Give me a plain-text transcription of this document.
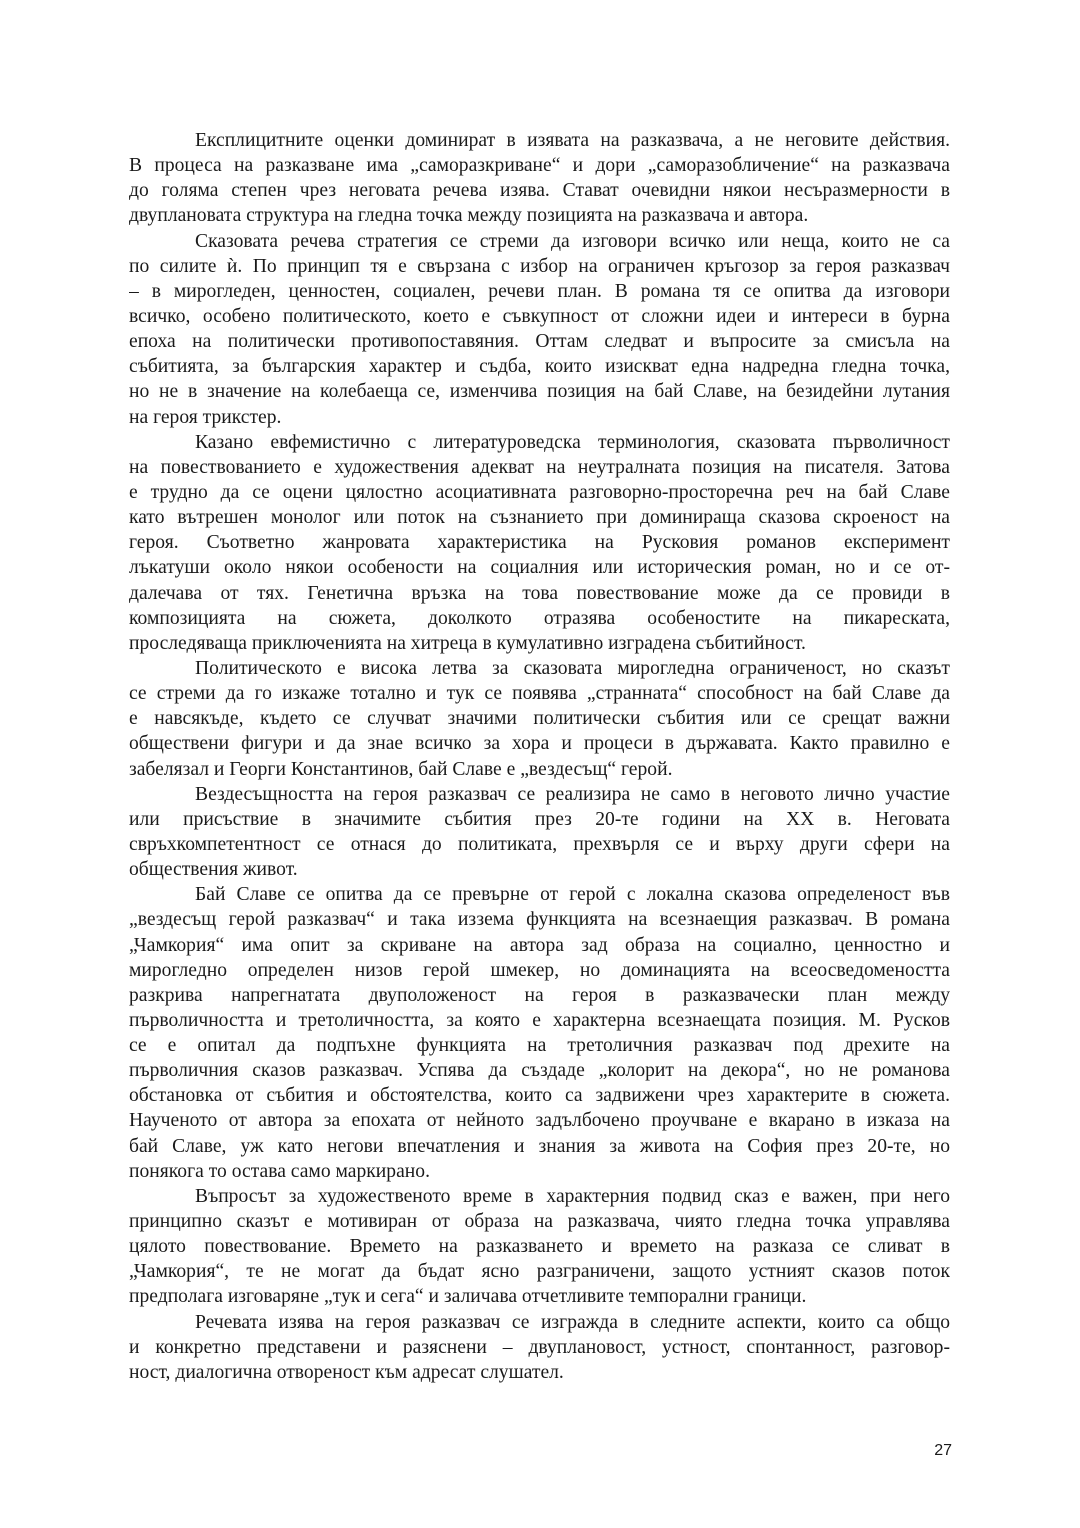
Експлицитните оценки доминират в изявата на разказвача, а не неговите действия.
В процеса на разказване има „саморазкриване“ и дори „саморазобличение“ на разказвача
до голяма степен чрез неговата речева изява. Стават очевидни някои несъразмерности в
двуплановата структура на гледна точка между позицията на разказвача и автора.
Сказовата речева стратегия се стреми да изговори всичко или неща, които не са
по силите ѝ. По принцип тя е свързана с избор на ограничен кръгозор за героя разказвач
– в мирогледен, ценностен, социален, речеви план. В романа тя се опитва да изговори
всичко, особено политическото, което е съвкупност от сложни идеи и интереси в бурна
епоха на политически противопоставяния. Оттам следват и въпросите за смисъла на
събитията, за българския характер и съдба, които изискват една надредна гледна точка,
но не в значение на колебаеща се, изменчива позиция на бай Славе, на безидейни лутания
на героя трикстер.
Казано евфемистично с литературоведска терминология, сказовата първоличност
на повествованието е художествения адекват на неутралната позиция на писателя. Затова
е трудно да се оцени цялостно асоциативната разговорно-просторечна реч на бай Славе
като вътрешен монолог или поток на съзнанието при доминираща сказова скроеност на
героя. Съответно жанровата характеристика на Русковия романов експеримент
лъкатуши около някои особености на социалния или историческия роман, но и се от-
далечава от тях. Генетична връзка на това повествование може да се провиди в
композицията на сюжета, доколкото отразява особеностите на пикареската,
проследяваща приключенията на хитреца в кумулативно изградена събитийност.
Политическото е висока летва за сказовата мирогледна ограниченост, но сказът
се стреми да го изкаже тотално и тук се появява „странната“ способност на бай Славе да
е навсякъде, където се случват значими политически събития или се срещат важни
обществени фигури и да знае всичко за хора и процеси в държавата. Както правилно е
забелязал и Георги Константинов, бай Славе е „вездесъщ“ герой.
Вездесъщността на героя разказвач се реализира не само в неговото лично участие
или присъствие в значимите събития през 20-те години на XX в. Неговата
свръхкомпетентност се отнася до политиката, прехвърля се и върху други сфери на
обществения живот.
Бай Славе се опитва да се превърне от герой с локална сказова определеност във
„вездесъщ герой разказвач“ и така изземa функцията на всезнаещия разказвач. В романа
„Чамкория“ има опит за скриване на автора зад образа на социално, ценностно и
мирогледно определен низов герой шмекер, но доминацията на всеосведомеността
разкрива напрегнатата двуположеност на героя в разказвачески план между
първоличността и третоличността, за която е характерна всезнаещата позиция. М. Русков
се е опитал да подпъхне функцията на третоличния разказвач под дрехите на
първоличния сказов разказвач. Успява да създаде „колорит на декора“, но не романова
обстановка от събития и обстоятелства, които са задвижени чрез характерите в сюжета.
Наученото от автора за епохата от нейното задълбочено проучване е вкарано в изказа на
бай Славе, уж като негови впечатления и знания за живота на София през 20-те, но
понякога то остава само маркирано.
Въпросът за художественото време в характерния подвид сказ е важен, при него
принципно сказът е мотивиран от образа на разказвача, чиято гледна точка управлява
цялото повествование. Времето на разказването и времето на разказа се сливат в
„Чамкория“, те не могат да бъдат ясно разграничени, защото устният сказов поток
предполага изговаряне „тук и сега“ и заличава отчетливите темпорални граници.
Речевата изява на героя разказвач се изгражда в следните аспекти, които са общо
и конкретно представени и разяснени – двуплановост, устност, спонтанност, разговор-
ност, диалогична отвореност към адресат слушател.
27
